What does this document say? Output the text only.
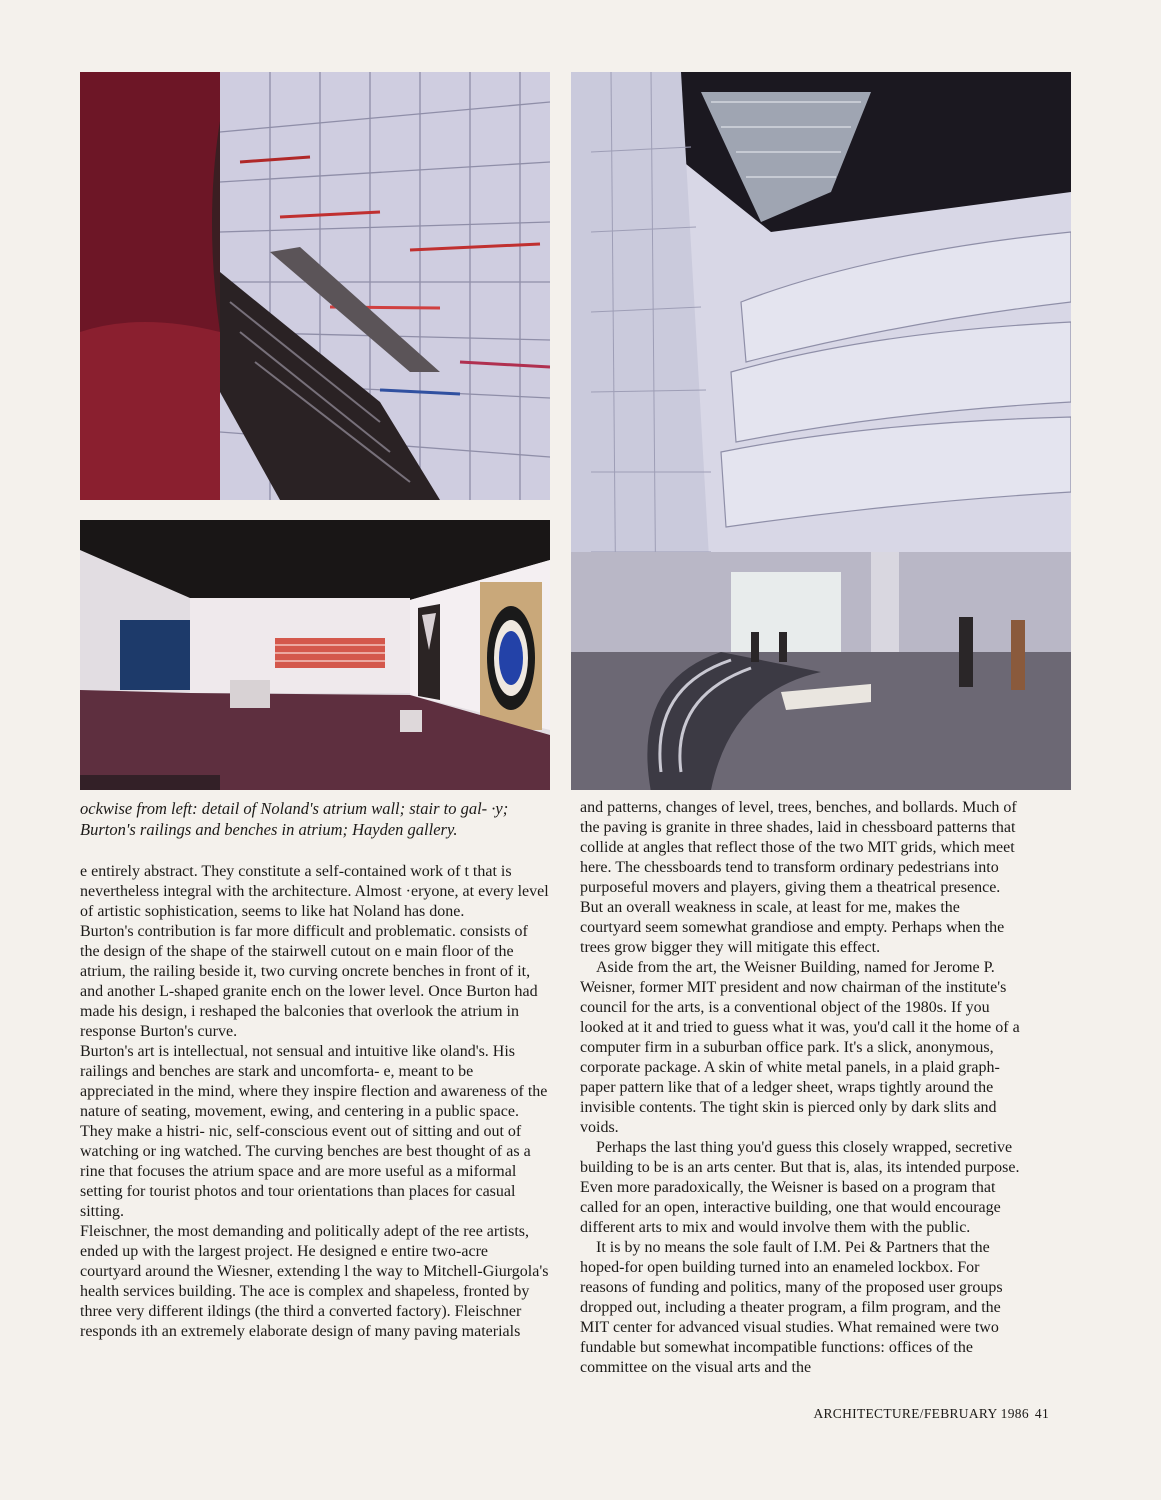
ockwise from left: detail of Noland's atrium wall; stair to gal- ·y; Burton's railings and benches in atrium; Hayden gallery.

e entirely abstract. They constitute a self-contained work of t that is nevertheless integral with the architecture. Almost ·eryone, at every level of artistic sophistication, seems to like hat Noland has done.

Burton's contribution is far more difficult and problematic. consists of the design of the shape of the stairwell cutout on e main floor of the atrium, the railing beside it, two curving oncrete benches in front of it, and another L-shaped granite ench on the lower level. Once Burton had made his design, i reshaped the balconies that overlook the atrium in response Burton's curve.

Burton's art is intellectual, not sensual and intuitive like oland's. His railings and benches are stark and uncomforta- e, meant to be appreciated in the mind, where they inspire flection and awareness of the nature of seating, movement, ewing, and centering in a public space. They make a histri- nic, self-conscious event out of sitting and out of watching or ing watched. The curving benches are best thought of as a rine that focuses the atrium space and are more useful as a miformal setting for tourist photos and tour orientations than places for casual sitting.

Fleischner, the most demanding and politically adept of the ree artists, ended up with the largest project. He designed e entire two-acre courtyard around the Wiesner, extending l the way to Mitchell-Giurgola's health services building. The ace is complex and shapeless, fronted by three very different ildings (the third a converted factory). Fleischner responds ith an extremely elaborate design of many paving materials

and patterns, changes of level, trees, benches, and bollards. Much of the paving is granite in three shades, laid in chessboard patterns that collide at angles that reflect those of the two MIT grids, which meet here. The chessboards tend to transform ordinary pedestrians into purposeful movers and players, giving them a theatrical presence. But an overall weakness in scale, at least for me, makes the courtyard seem somewhat grandiose and empty. Perhaps when the trees grow bigger they will mitigate this effect.

Aside from the art, the Weisner Building, named for Jerome P. Weisner, former MIT president and now chairman of the institute's council for the arts, is a conventional object of the 1980s. If you looked at it and tried to guess what it was, you'd call it the home of a computer firm in a suburban office park. It's a slick, anonymous, corporate package. A skin of white metal panels, in a plaid graph-paper pattern like that of a ledger sheet, wraps tightly around the invisible contents. The tight skin is pierced only by dark slits and voids.

Perhaps the last thing you'd guess this closely wrapped, secretive building to be is an arts center. But that is, alas, its intended purpose. Even more paradoxically, the Weisner is based on a program that called for an open, interactive building, one that would encourage different arts to mix and would involve them with the public.

It is by no means the sole fault of I.M. Pei & Partners that the hoped-for open building turned into an enameled lockbox. For reasons of funding and politics, many of the proposed user groups dropped out, including a theater program, a film program, and the MIT center for advanced visual studies. What remained were two fundable but somewhat incompatible functions: offices of the committee on the visual arts and the

ARCHITECTURE/FEBRUARY 1986 41
